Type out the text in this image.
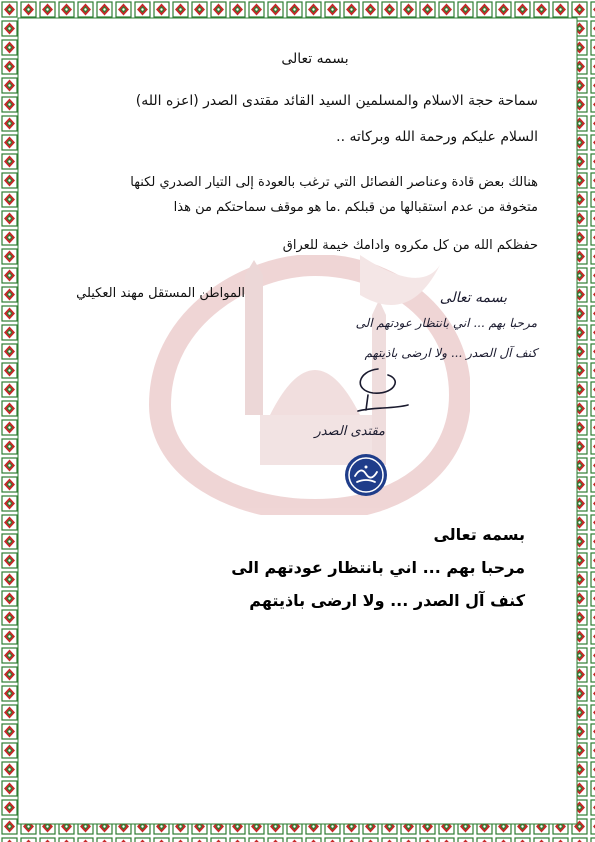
بسمه تعالى
سماحة حجة الاسلام والمسلمين السيد القائد مقتدى الصدر (اعزه الله)
السلام عليكم ورحمة الله وبركاته ..
هنالك بعض قادة وعناصر الفصائل التي ترغب بالعودة إلى التيار الصدري لكنها
متخوفة من عدم استقبالها من قبلكم .ما هو موقف سماحتكم من هذا
حفظكم الله من كل مكروه وادامك خيمة للعراق
المواطن المستقل مهند العكيلي	بسمه تعالى
مرحبا بهم ... اني بانتظار عودتهم الى
كنف آل الصدر ... ولا ارضى باذيتهم
مقتدى الصدر
بسمه تعالى
مرحبا بهم ... اني بانتظار عودتهم الى
كنف آل الصدر ... ولا ارضى باذيتهم
